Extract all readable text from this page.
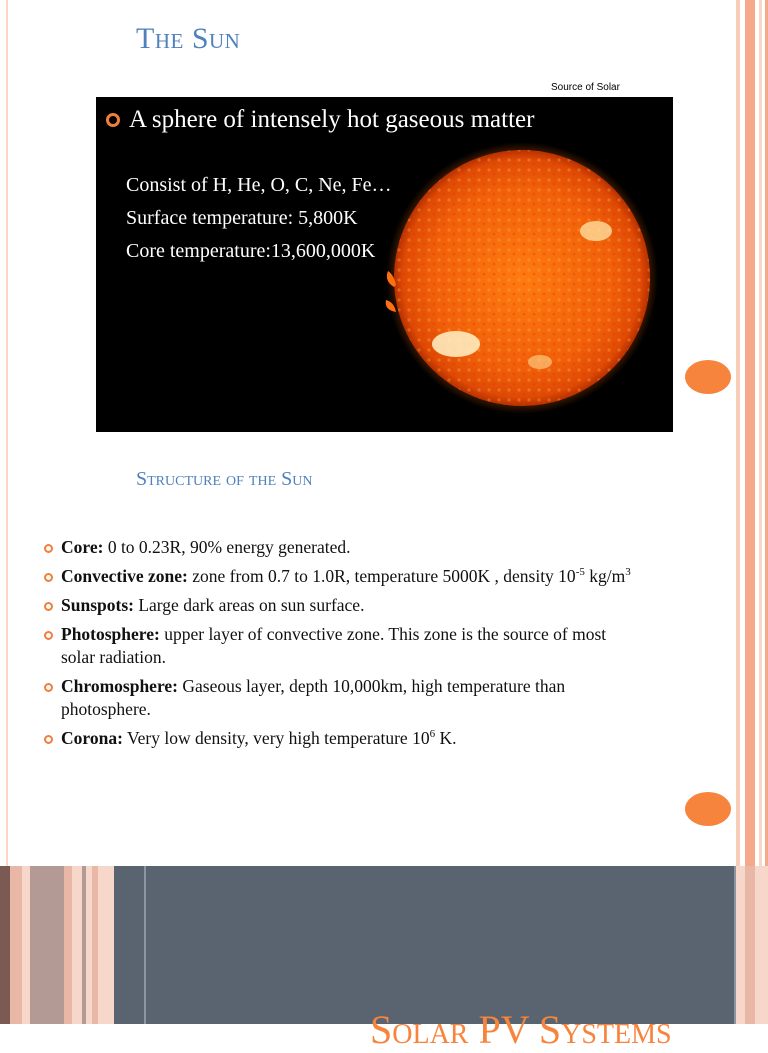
The Sun
Source of Solar
A sphere of intensely hot gaseous matter
Consist of H, He, O, C, Ne, Fe…
Surface temperature: 5,800K
Core temperature:13,600,000K
Structure of the Sun
Core: 0 to 0.23R, 90% energy generated.
Convective zone: zone from 0.7 to 1.0R, temperature 5000K , density $10^{-5}$ $kg/m^3$
Sunspots: Large dark areas on sun surface.
Photosphere: upper layer of convective zone. This zone is the source of most solar radiation.
Chromosphere: Gaseous layer, depth 10,000km, high temperature than photosphere.
Corona: Very low density, very high temperature $10^6$ K.
Solar PV Systems
